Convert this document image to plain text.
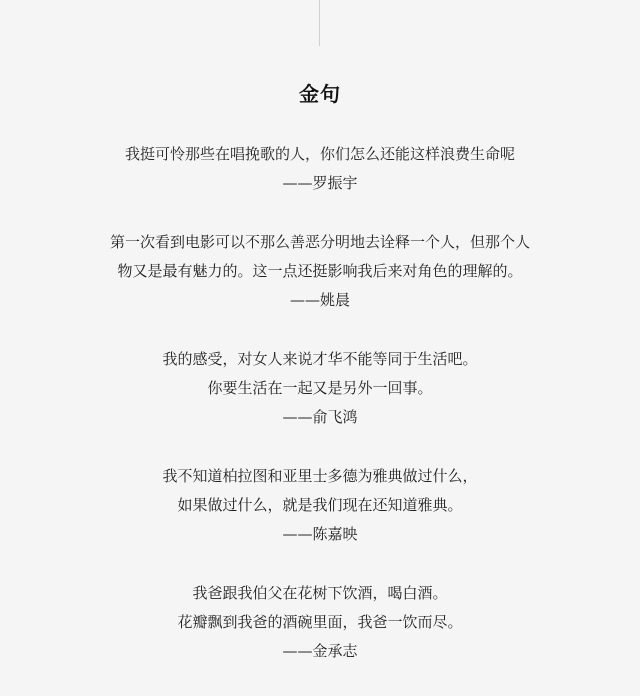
金句
我挺可怜那些在唱挽歌的人，你们怎么还能这样浪费生命呢
——罗振宇
第一次看到电影可以不那么善恶分明地去诠释一个人，但那个人
物又是最有魅力的。这一点还挺影响我后来对角色的理解的。
——姚晨
我的感受，对女人来说才华不能等同于生活吧。
你要生活在一起又是另外一回事。
——俞飞鸿
我不知道柏拉图和亚里士多德为雅典做过什么，
如果做过什么，就是我们现在还知道雅典。
——陈嘉映
我爸跟我伯父在花树下饮酒，喝白酒。
花瓣飘到我爸的酒碗里面，我爸一饮而尽。
——金承志
